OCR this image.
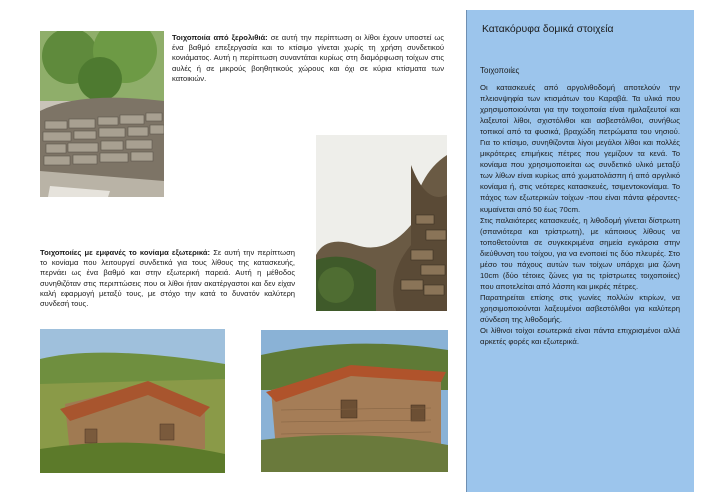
Τοιχοποιία από ξερολιθιά: σε αυτή την περίπτωση οι λίθοι έχουν υποστεί ως ένα βαθμό επεξεργασία και το κτίσιμο γίνεται χωρίς τη χρήση συνδετικού κονιάματος. Αυτή η περίπτωση συναντάται κυρίως στη διαμόρφωση τοίχων στις αυλές ή σε μικρούς βοηθητικούς χώρους και όχι σε κύρια κτίσματα των κατοικιών.

Τοιχοποιίες με εμφανές το κονίαμα εξωτερικά: Σε αυτή την περίπτωση το κονίαμα που λειτουργεί συνδετικά για τους λίθους της κατασκευής, περνάει ως ένα βαθμό και στην εξωτερική παρειά. Αυτή η μέθοδος συνηθιζόταν στις περιπτώσεις που οι λίθοι ήταν ακατέργαστοι και δεν είχαν καλή εφαρμογή μεταξύ τους, με στόχο την κατά το δυνατόν καλύτερη συνδεσή τους.

Κατακόρυφα δομικά στοιχεία
Τοιχοποιίες

Οι κατασκευές από αργολιθοδομή αποτελούν την πλειονψηφία των κτισμάτων του Καραβά. Τα υλικά που χρησιμοποιούνται για την τοιχοποιία είναι ημιλαξευτοί και λαξευτοί λίθοι, σχιστόλιθοι και ασβεστόλιθοι, συνήθως τοπικοί από τα φυσικά, βραχώδη πετρώματα του νησιού. Για το κτίσιμο, συνηθίζονται λίγοι μεγάλοι λίθοι και πολλές μικρότερες επιμήκεις πέτρες που γεμίζουν τα κενά. Το κονίαμα που χρησιμοποιείται ως συνδετικό υλικό μεταξύ των λίθων είναι κυρίως από χωματολάσπη ή από αργιλικό κονίαμα ή, στις νεότερες κατασκευές, τσιμεντοκονίαμα. Το πάχος των εξωτερικών τοίχων -που είναι πάντα φέροντες- κυμαίνεται από 50 έως 70cm.
Στις παλαιότερες κατασκευές, η λιθοδομή γίνεται δίστρωτη (σπανιότερα και τρίστρωτη), με κάποιους λίθους να τοποθετούνται σε συγκεκριμένα σημεία εγκάρσια στην διεύθυνση του τοίχου, για να ενοποιεί τις δύο πλευρές. Στο μέσο του πάχους αυτών των τοίχων υπάρχει μια ζώνη 10cm (δύο τέτοιες ζώνες για τις τρίστρωτες τοιχοποιίες) που αποτελείται από λάσπη και μικρές πέτρες.
Παρατηρείται επίσης στις γωνίες πολλών κτιρίων, να χρησιμοποιούνται λαξευμένοι ασβεστόλιθοι για καλύτερη σύνδεση της λιθοδομής.
Οι λίθινοι τοίχοι εσωτερικά είναι πάντα επιχρισμένοι αλλά αρκετές φορές και εξωτερικά.
